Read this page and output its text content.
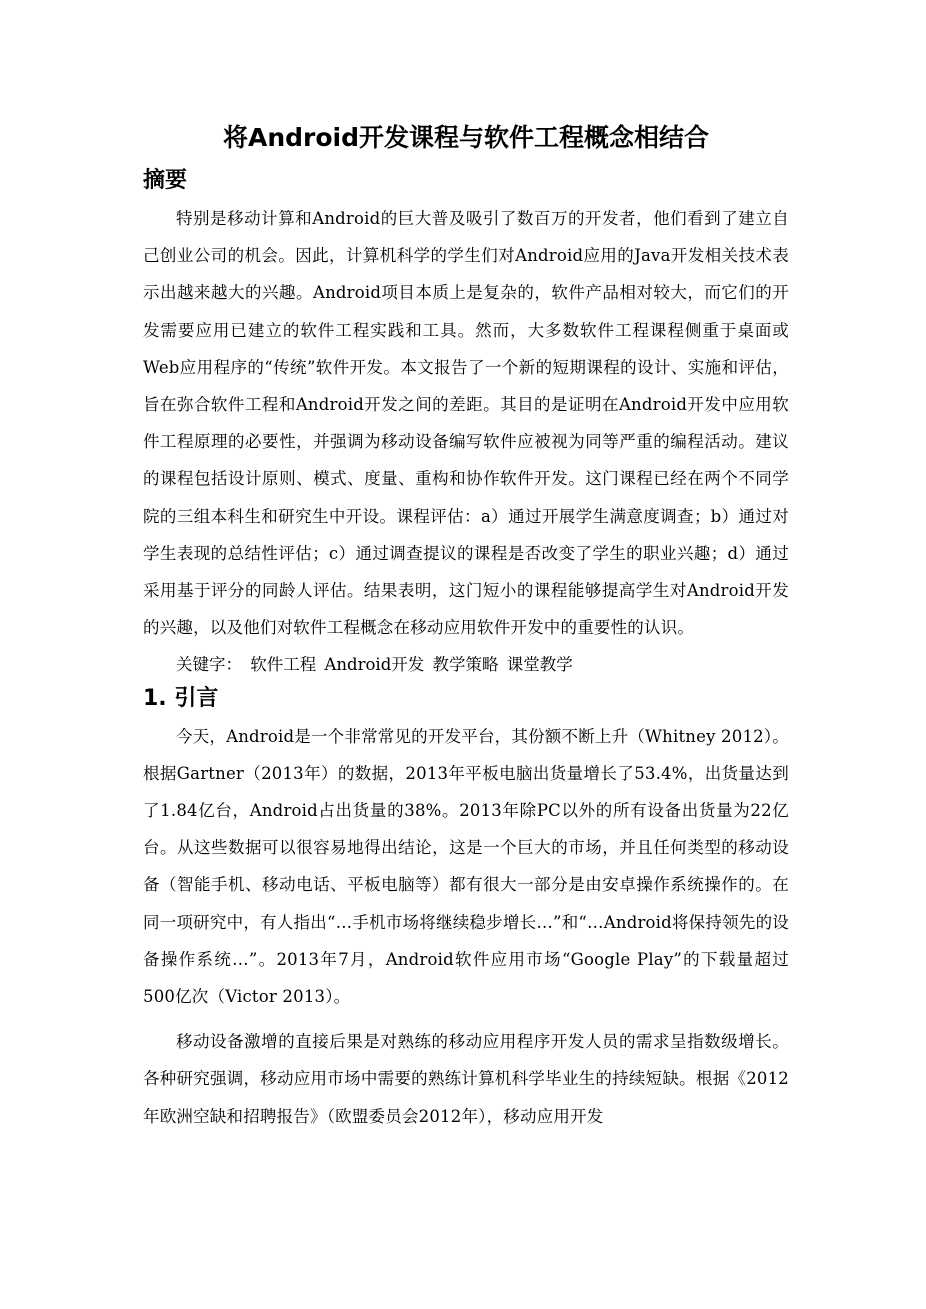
将Android开发课程与软件工程概念相结合
摘要

特别是移动计算和Android的巨大普及吸引了数百万的开发者，他们看到了建立自己创业公司的机会。因此，计算机科学的学生们对Android应用的Java开发相关技术表示出越来越大的兴趣。Android项目本质上是复杂的，软件产品相对较大，而它们的开发需要应用已建立的软件工程实践和工具。然而，大多数软件工程课程侧重于桌面或Web应用程序的“传统”软件开发。本文报告了一个新的短期课程的设计、实施和评估，旨在弥合软件工程和Android开发之间的差距。其目的是证明在Android开发中应用软件工程原理的必要性，并强调为移动设备编写软件应被视为同等严重的编程活动。建议的课程包括设计原则、模式、度量、重构和协作软件开发。这门课程已经在两个不同学院的三组本科生和研究生中开设。课程评估：a）通过开展学生满意度调查；b）通过对学生表现的总结性评估；c）通过调查提议的课程是否改变了学生的职业兴趣；d）通过采用基于评分的同龄人评估。结果表明，这门短小的课程能够提高学生对Android开发的兴趣，以及他们对软件工程概念在移动应用软件开发中的重要性的认识。

关键字： 软件工程 Android开发 教学策略 课堂教学

1. 引言

今天，Android是一个非常常见的开发平台，其份额不断上升（Whitney 2012）。根据Gartner（2013年）的数据，2013年平板电脑出货量增长了53.4%，出货量达到了1.84亿台，Android占出货量的38%。2013年除PC以外的所有设备出货量为22亿台。从这些数据可以很容易地得出结论，这是一个巨大的市场，并且任何类型的移动设备（智能手机、移动电话、平板电脑等）都有很大一部分是由安卓操作系统操作的。在同一项研究中，有人指出“…手机市场将继续稳步增长…”和“…Android将保持领先的设备操作系统…”。2013年7月，Android软件应用市场“Google Play”的下载量超过500亿次（Victor 2013）。

移动设备激增的直接后果是对熟练的移动应用程序开发人员的需求呈指数级增长。各种研究强调，移动应用市场中需要的熟练计算机科学毕业生的持续短缺。根据《2012年欧洲空缺和招聘报告》（欧盟委员会2012年），移动应用开发
